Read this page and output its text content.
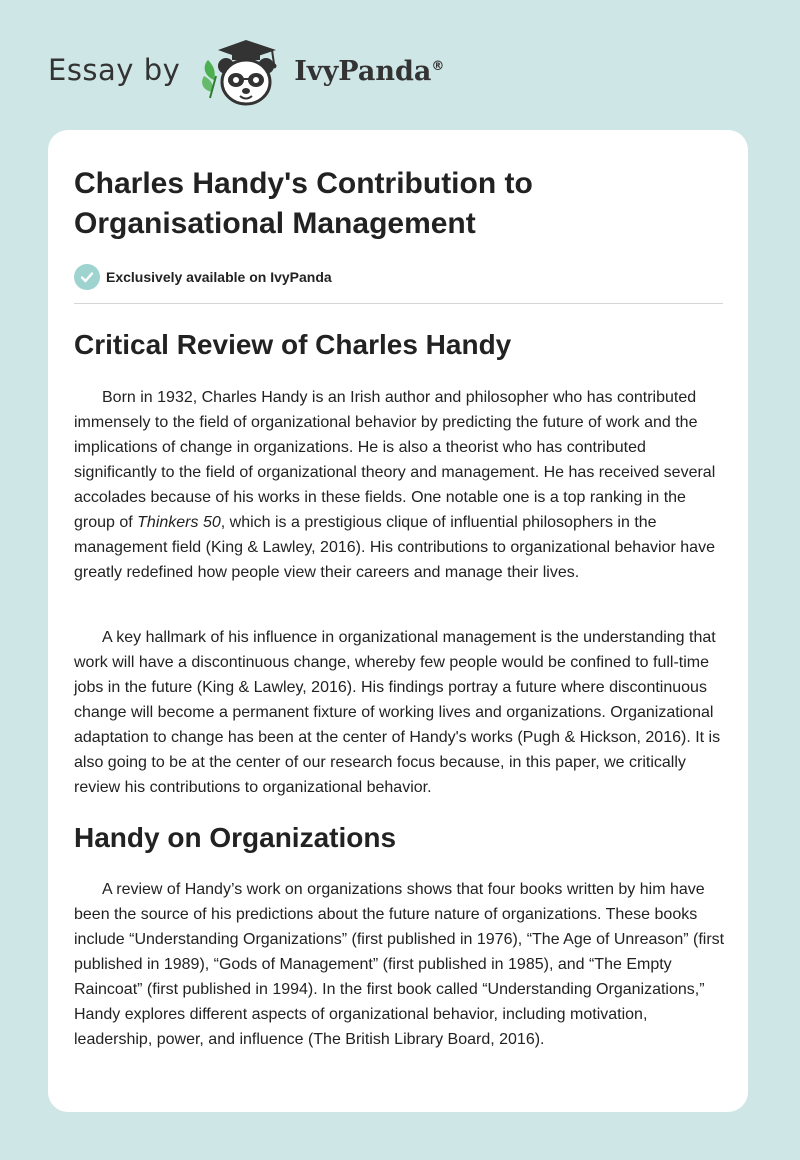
Essay by	IvyPanda®
Charles Handy's Contribution to Organisational Management
Exclusively available on IvyPanda
Critical Review of Charles Handy

Born in 1932, Charles Handy is an Irish author and philosopher who has contributed immensely to the field of organizational behavior by predicting the future of work and the implications of change in organizations. He is also a theorist who has contributed significantly to the field of organizational theory and management. He has received several accolades because of his works in these fields. One notable one is a top ranking in the group of Thinkers 50, which is a prestigious clique of influential philosophers in the management field (King & Lawley, 2016). His contributions to organizational behavior have greatly redefined how people view their careers and manage their lives.

A key hallmark of his influence in organizational management is the understanding that work will have a discontinuous change, whereby few people would be confined to full-time jobs in the future (King & Lawley, 2016). His findings portray a future where discontinuous change will become a permanent fixture of working lives and organizations. Organizational adaptation to change has been at the center of Handy's works (Pugh & Hickson, 2016). It is also going to be at the center of our research focus because, in this paper, we critically review his contributions to organizational behavior.

Handy on Organizations

A review of Handy’s work on organizations shows that four books written by him have been the source of his predictions about the future nature of organizations. These books include “Understanding Organizations” (first published in 1976), “The Age of Unreason” (first published in 1989), “Gods of Management” (first published in 1985), and “The Empty Raincoat” (first published in 1994). In the first book called “Understanding Organizations,” Handy explores different aspects of organizational behavior, including motivation, leadership, power, and influence (The British Library Board, 2016).
